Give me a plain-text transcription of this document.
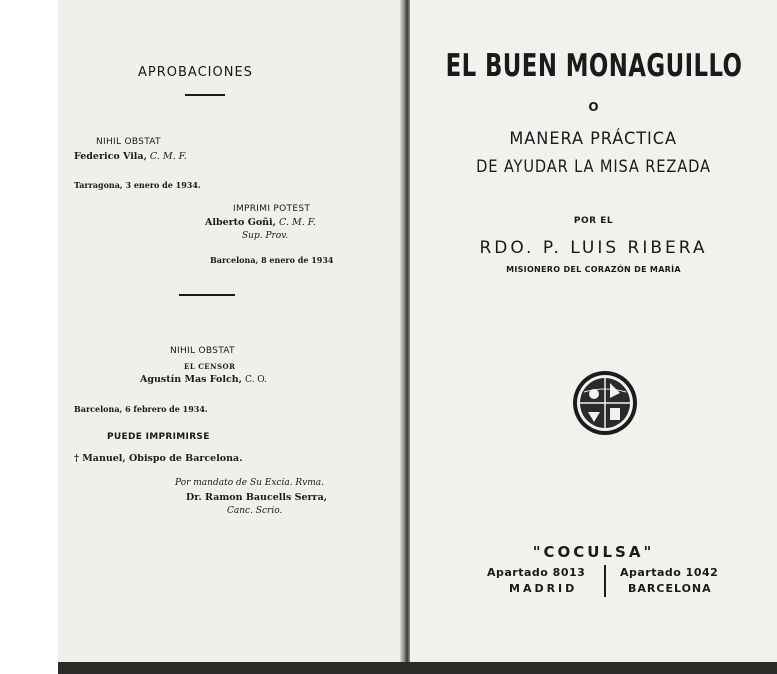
APROBACIONES
NIHIL OBSTAT
Federico Vila, C. M. F.
Tarragona, 3 enero de 1934.
IMPRIMI POTEST
Alberto Goñi, C. M. F.
Sup. Prov.
Barcelona, 8 enero de 1934
NIHIL OBSTAT
EL CENSOR
Agustín Mas Folch, C. O.
Barcelona, 6 febrero de 1934.
PUEDE IMPRIMIRSE
† Manuel, Obispo de Barcelona.
Por mandato de Su Excia. Rvma.
Dr. Ramon Baucells Serra,
Canc. Scrio.
EL BUEN MONAGUILLO
O
MANERA PRÁCTICA
DE AYUDAR LA MISA REZADA
POR EL
RDO. P. LUIS RIBERA
MISIONERO DEL CORAZÓN DE MARÍA
"COCULSA"
Apartado 8013
MADRID
Apartado 1042
BARCELONA
